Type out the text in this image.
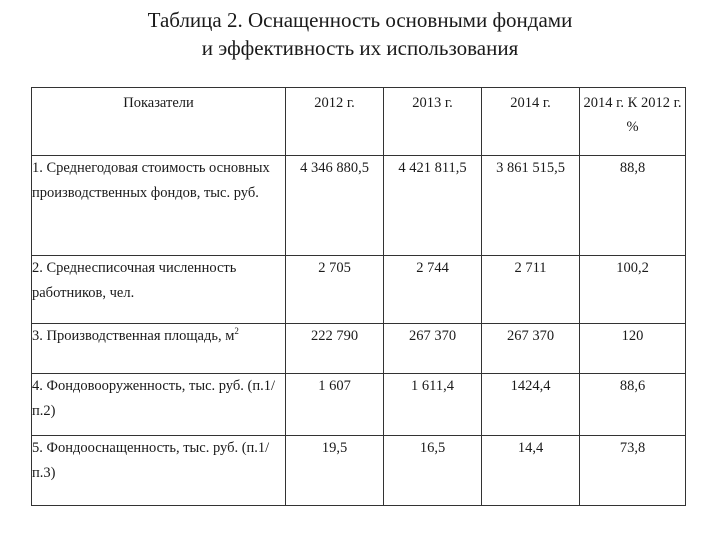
Таблица 2. Оснащенность основными фондами
и эффективность их использования
Показатели	2012 г.	2013 г.	2014 г.	2014 г. К 2012 г. %
1. Среднегодовая стоимость основных производственных фондов, тыс. руб.	4 346 880,5	4 421 811,5	3 861 515,5	88,8
2. Среднесписочная численность работников, чел.	2 705	2 744	2 711	100,2
3. Производственная площадь, $м^2$	222 790	267 370	267 370	120
4. Фондовооруженность, тыс. руб. (п.1/п.2)	1 607	1 611,4	1424,4	88,6
5. Фондооснащенность, тыс. руб. (п.1/ п.3)	19,5	16,5	14,4	73,8
